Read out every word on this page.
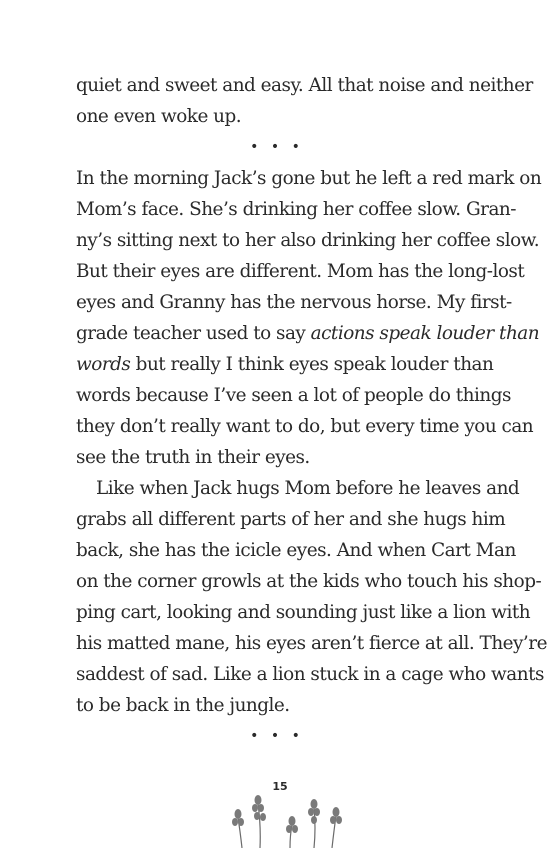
quiet and sweet and easy. All that noise and neither
one even woke up.

• • •

In the morning Jack’s gone but he left a red mark on
Mom’s face. She’s drinking her coffee slow. Gran-
ny’s sitting next to her also drinking her coffee slow.
But their eyes are different. Mom has the long-lost
eyes and Granny has the nervous horse. My first-
grade teacher used to say actions speak louder than
words but really I think eyes speak louder than
words because I’ve seen a lot of people do things
they don’t really want to do, but every time you can
see the truth in their eyes.

Like when Jack hugs Mom before he leaves and
grabs all different parts of her and she hugs him
back, she has the icicle eyes. And when Cart Man
on the corner growls at the kids who touch his shop-
ping cart, looking and sounding just like a lion with
his matted mane, his eyes aren’t fierce at all. They’re
saddest of sad. Like a lion stuck in a cage who wants
to be back in the jungle.

• • •
15
